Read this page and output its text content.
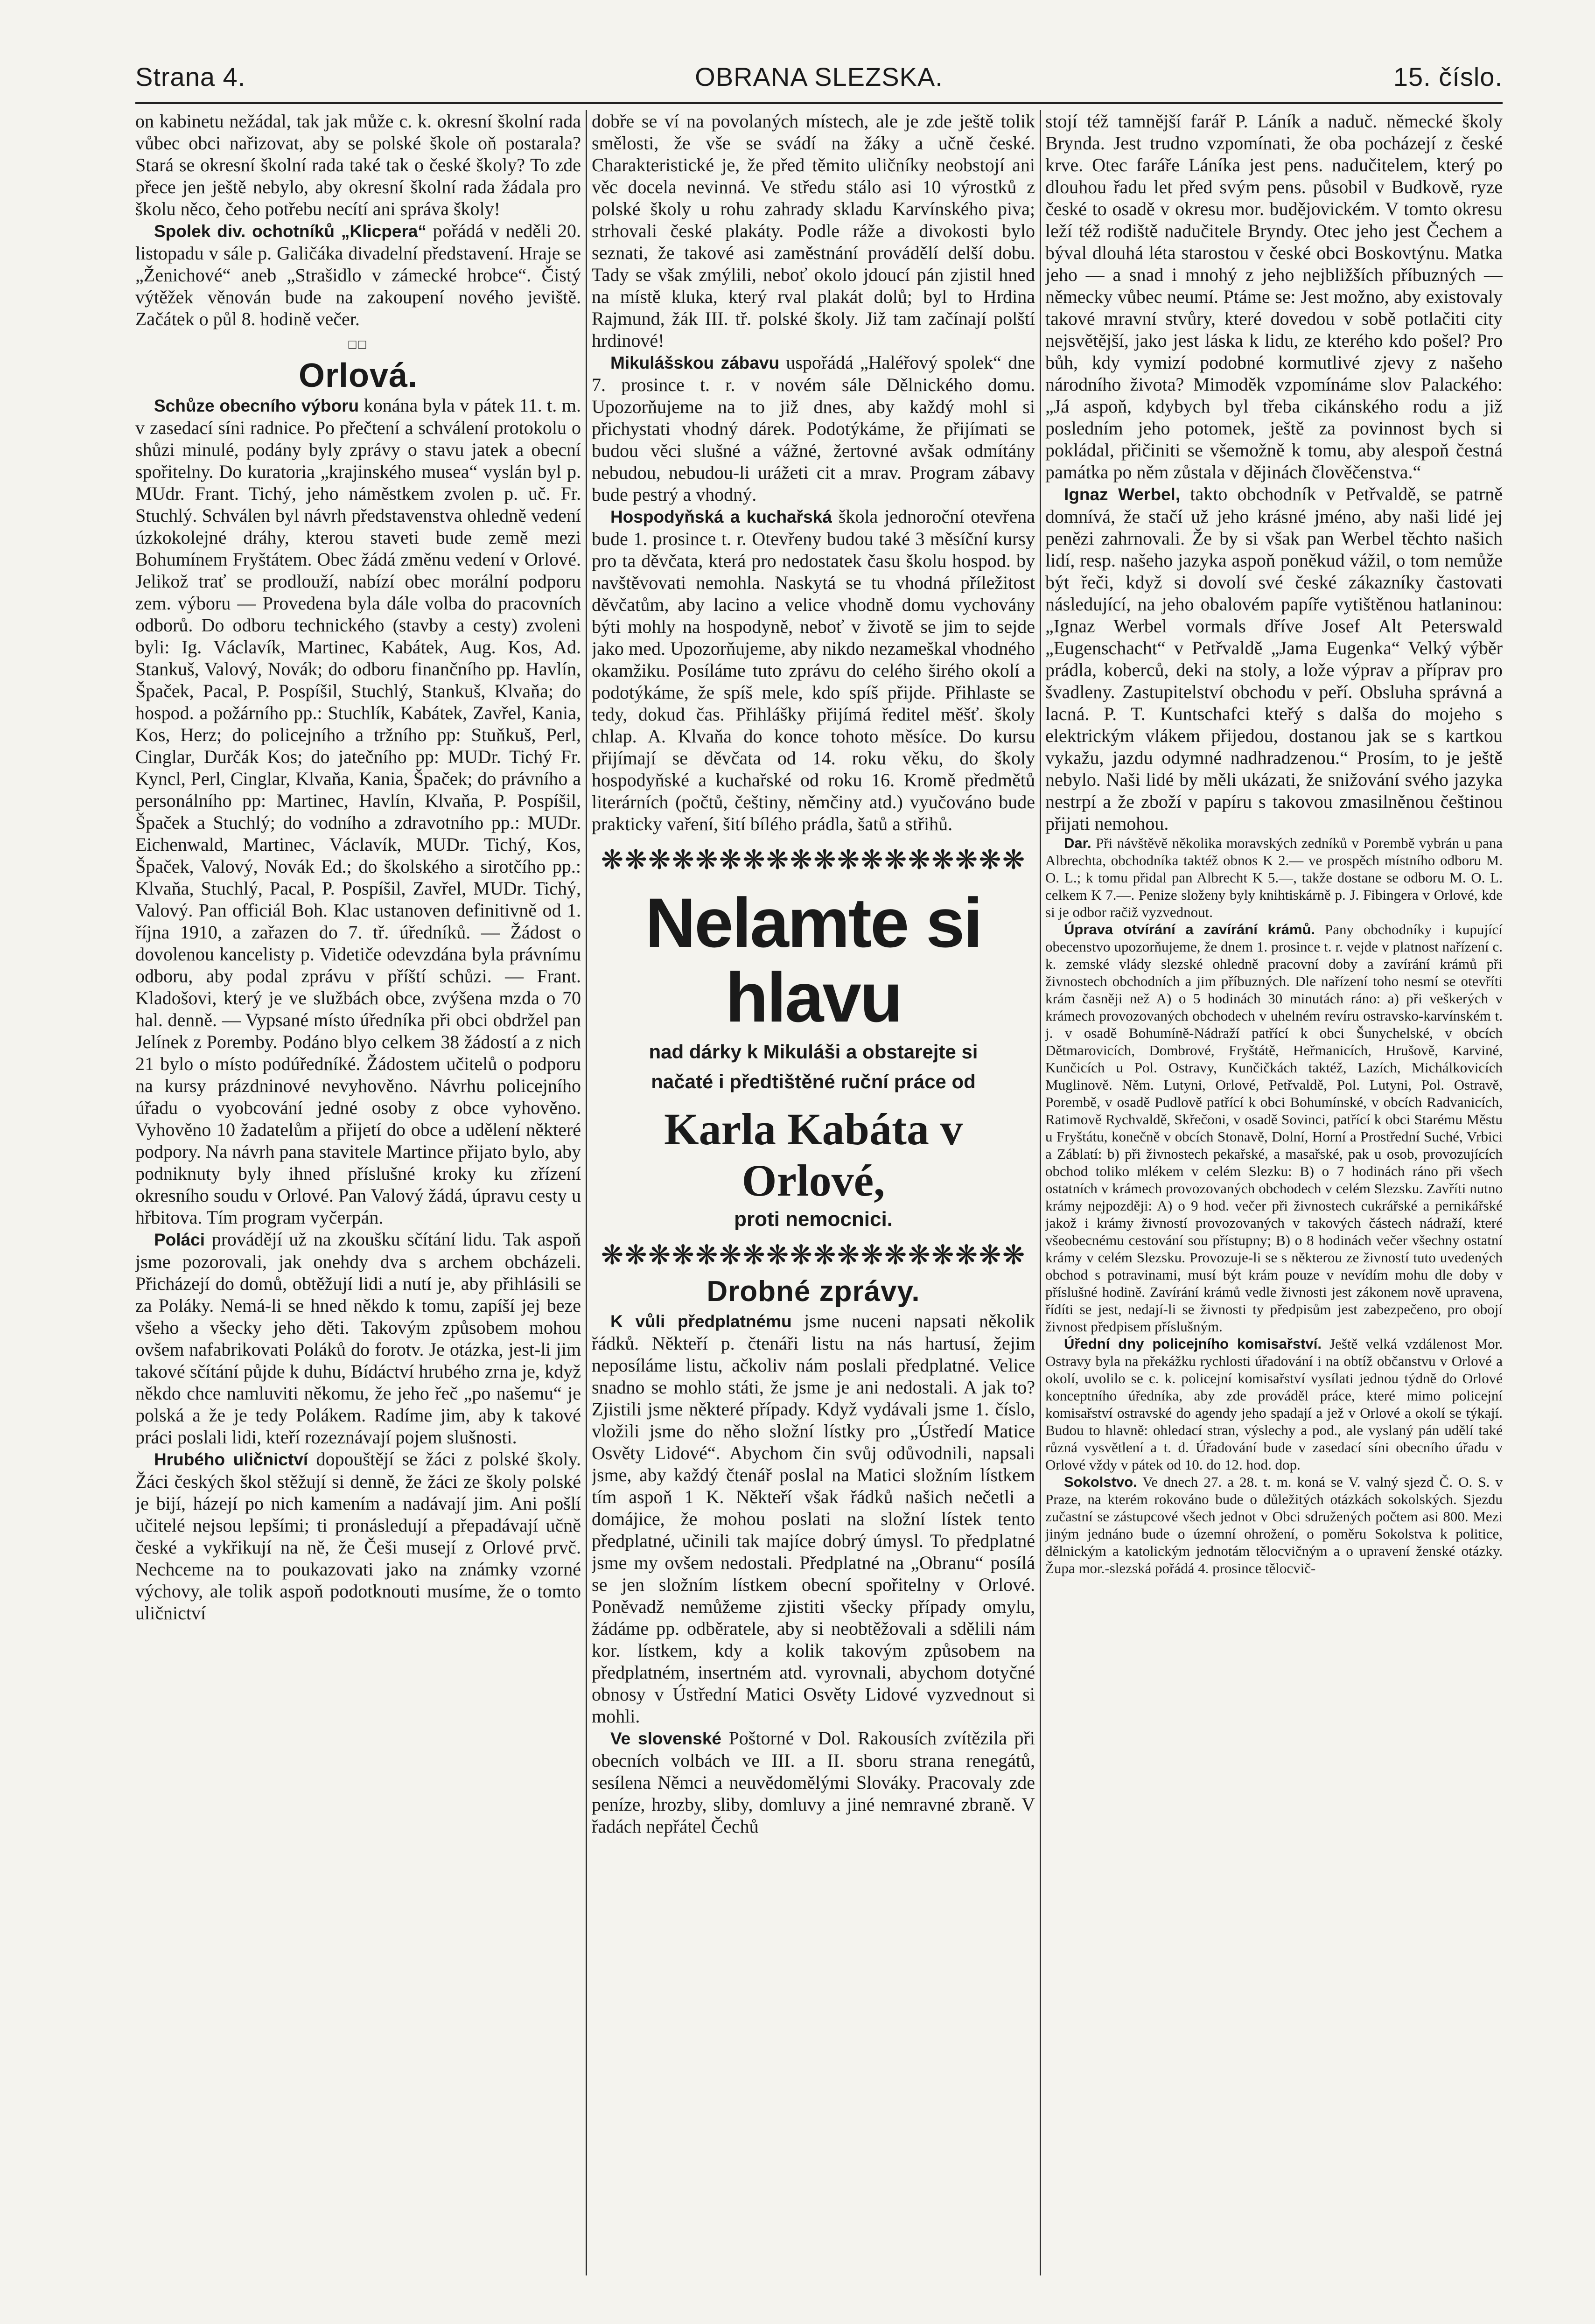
Strana 4.	OBRANA SLEZSKA.	15. číslo.

on kabinetu nežádal, tak jak může c. k. okresní školní rada vůbec obci nařizovat, aby se polské škole oň postarala? Stará se okresní školní rada také tak o české školy? To zde přece jen ještě nebylo, aby okresní školní rada žádala pro školu něco, čeho potřebu necítí ani správa školy!

Spolek div. ochotníků „Klicpera“ pořádá v neděli 20. listopadu v sále p. Galičáka divadelní představení. Hraje se „Ženichové“ aneb „Strašidlo v zámecké hrobce“. Čistý výtěžek věnován bude na zakoupení nového jeviště. Začátek o půl 8. hodině večer.

□□
Orlová.

Schůze obecního výboru konána byla v pátek 11. t. m. v zasedací síni radnice. Po přečtení a schválení protokolu o shůzi minulé, podány byly zprávy o stavu jatek a obecní spořitelny. Do kuratoria „krajinského musea“ vyslán byl p. MUdr. Frant. Tichý, jeho náměstkem zvolen p. uč. Fr. Stuchlý. Schválen byl návrh představenstva ohledně vedení úzkokolejné dráhy, kterou staveti bude země mezi Bohumínem Fryštátem. Obec žádá změnu vedení v Orlové. Jelikož trať se prodlouží, nabízí obec morální podporu zem. výboru — Provedena byla dále volba do pracovních odborů. Do odboru technického (stavby a cesty) zvoleni byli: Ig. Václavík, Martinec, Kabátek, Aug. Kos, Ad. Stankuš, Valový, Novák; do odboru finančního pp. Havlín, Špaček, Pacal, P. Pospíšil, Stuchlý, Stankuš, Klvaňa; do hospod. a požárního pp.: Stuchlík, Kabátek, Zavřel, Kania, Kos, Herz; do policejního a tržního pp: Stuňkuš, Perl, Cinglar, Durčák Kos; do jatečního pp: MUDr. Tichý Fr. Kyncl, Perl, Cinglar, Klvaňa, Kania, Špaček; do právního a personálního pp: Martinec, Havlín, Klvaňa, P. Pospíšil, Špaček a Stuchlý; do vodního a zdravotního pp.: MUDr. Eichenwald, Martinec, Václavík, MUDr. Tichý, Kos, Špaček, Valový, Novák Ed.; do školského a sirotčího pp.: Klvaňa, Stuchlý, Pacal, P. Pospíšil, Zavřel, MUDr. Tichý, Valový. Pan officiál Boh. Klac ustanoven definitivně od 1. října 1910, a zařazen do 7. tř. úředníků. — Žádost o dovolenou kancelisty p. Videtiče odevzdána byla právnímu odboru, aby podal zprávu v příští schůzi. — Frant. Kladošovi, který je ve službách obce, zvýšena mzda o 70 hal. denně. — Vypsané místo úředníka při obci obdržel pan Jelínek z Poremby. Podáno blyo celkem 38 žádostí a z nich 21 bylo o místo podúředníké. Žádostem učitelů o podporu na kursy prázdninové nevyhověno. Návrhu policejního úřadu o vyobcování jedné osoby z obce vyhověno. Vyhověno 10 žadatelům a přijetí do obce a udělení některé podpory. Na návrh pana stavitele Martince přijato bylo, aby podniknuty byly ihned příslušné kroky ku zřízení okresního soudu v Orlové. Pan Valový žádá, úpravu cesty u hřbitova. Tím program vyčerpán.

Poláci provádějí už na zkoušku sčítání lidu. Tak aspoň jsme pozorovali, jak onehdy dva s archem obcházeli. Přicházejí do domů, obtěžují lidi a nutí je, aby přihlásili se za Poláky. Nemá-li se hned někdo k tomu, zapíší jej beze všeho a všecky jeho děti. Takovým způsobem mohou ovšem nafabrikovati Poláků do forotv. Je otázka, jest-li jim takové sčítání půjde k duhu, Bídáctví hrubého zrna je, když někdo chce namluviti někomu, že jeho řeč „po našemu“ je polská a že je tedy Polákem. Radíme jim, aby k takové práci poslali lidi, kteří rozeznávají pojem slušnosti.

Hrubého uličnictví dopouštějí se žáci z polské školy. Žáci českých škol stěžují si denně, že žáci ze školy polské je bijí, házejí po nich kamením a nadávají jim. Ani pošlí učitelé nejsou lepšími; ti pronásledují a přepadávají učně české a vykřikují na ně, že Češi musejí z Orlové prvč. Nechceme na to poukazovati jako na známky vzorné výchovy, ale tolik aspoň podotknouti musíme, že o tomto uličnictví

dobře se ví na povolaných místech, ale je zde ještě tolik smělosti, že vše se svádí na žáky a učně české. Charakteristické je, že před těmito uličníky neobstojí ani věc docela nevinná. Ve středu stálo asi 10 výrostků z polské školy u rohu zahrady skladu Karvínského piva; strhovali české plakáty. Podle ráže a divokosti bylo seznati, že takové asi zaměstnání provádělí delší dobu. Tady se však zmýlili, neboť okolo jdoucí pán zjistil hned na místě kluka, který rval plakát dolů; byl to Hrdina Rajmund, žák III. tř. polské školy. Již tam začínají polští hrdinové!

Mikulášskou zábavu uspořádá „Haléřový spolek“ dne 7. prosince t. r. v novém sále Dělnického domu. Upozorňujeme na to již dnes, aby každý mohl si přichystati vhodný dárek. Podotýkáme, že přijímati se budou věci slušné a vážné, žertovné avšak odmítány nebudou, nebudou-li urážeti cit a mrav. Program zábavy bude pestrý a vhodný.

Hospodyňská a kuchařská škola jednoroční otevřena bude 1. prosince t. r. Otevřeny budou také 3 měsíční kursy pro ta děvčata, která pro nedostatek času školu hospod. by navštěvovati nemohla. Naskytá se tu vhodná příležitost děvčatům, aby lacino a velice vhodně domu vychovány býti mohly na hospodyně, neboť v životě se jim to sejde jako med. Upozorňujeme, aby nikdo nezameškal vhodného okamžiku. Posíláme tuto zprávu do celého širého okolí a podotýkáme, že spíš mele, kdo spíš přijde. Přihlaste se tedy, dokud čas. Přihlášky přijímá ředitel měšť. školy chlap. A. Klvaňa do konce tohoto měsíce. Do kursu přijímají se děvčata od 14. roku věku, do školy hospodyňské a kuchařské od roku 16. Kromě předmětů literárních (počtů, češtiny, němčiny atd.) vyučováno bude prakticky vaření, šití bílého prádla, šatů a střihů.

❋❋❋❋❋❋❋❋❋❋❋❋❋❋❋❋❋❋
Nelamte si hlavu
nad dárky k Mikuláši a obstarejte si
načaté i předtištěné ruční práce od
Karla Kabáta v Orlové,
proti nemocnici.
❋❋❋❋❋❋❋❋❋❋❋❋❋❋❋❋❋❋
Drobné zprávy.

K vůli předplatnému jsme nuceni napsati několik řádků. Někteří p. čtenáři listu na nás hartusí, žejim neposíláme listu, ačkoliv nám poslali předplatné. Velice snadno se mohlo státi, že jsme je ani nedostali. A jak to? Zjistili jsme některé případy. Když vydávali jsme 1. číslo, vložili jsme do něho složní lístky pro „Ústředí Matice Osvěty Lidové“. Abychom čin svůj odůvodnili, napsali jsme, aby každý čtenář poslal na Matici složním lístkem tím aspoň 1 K. Někteří však řádků našich nečetli a domájice, že mohou poslati na složní lístek tento předplatné, učinili tak majíce dobrý úmysl. To předplatné jsme my ovšem nedostali. Předplatné na „Obranu“ posílá se jen složním lístkem obecní spořitelny v Orlové. Poněvadž nemůžeme zjistiti všecky případy omylu, žádáme pp. odběratele, aby si neobtěžovali a sdělili nám kor. lístkem, kdy a kolik takovým způsobem na předplatném, insertném atd. vyrovnali, abychom dotyčné obnosy v Ústřední Matici Osvěty Lidové vyzvednout si mohli.

Ve slovenské Poštorné v Dol. Rakousích zvítězila při obecních volbách ve III. a II. sboru strana renegátů, sesílena Němci a neuvědomělými Slováky. Pracovaly zde peníze, hrozby, sliby, domluvy a jiné nemravné zbraně. V řadách nepřátel Čechů

stojí též tamnější farář P. Láník a naduč. německé školy Brynda. Jest trudno vzpomínati, že oba pocházejí z české krve. Otec faráře Láníka jest pens. nadučitelem, který po dlouhou řadu let před svým pens. působil v Budkově, ryze české to osadě v okresu mor. budějovickém. V tomto okresu leží též rodiště nadučitele Bryndy. Otec jeho jest Čechem a býval dlouhá léta starostou v české obci Boskovtýnu. Matka jeho — a snad i mnohý z jeho nejbližších příbuzných — německy vůbec neumí. Ptáme se: Jest možno, aby existovaly takové mravní stvůry, které dovedou v sobě potlačiti city nejsvětější, jako jest láska k lidu, ze kterého kdo pošel? Pro bůh, kdy vymizí podobné kormutlivé zjevy z našeho národního života? Mimoděk vzpomínáme slov Palackého: „Já aspoň, kdybych byl třeba cikánského rodu a již posledním jeho potomek, ještě za povinnost bych si pokládal, přičiniti se všemožně k tomu, aby alespoň čestná památka po něm zůstala v dějinách člověčenstva.“

Ignaz Werbel, takto obchodník v Petřvaldě, se patrně domnívá, že stačí už jeho krásné jméno, aby naši lidé jej penězi zahrnovali. Že by si však pan Werbel těchto našich lidí, resp. našeho jazyka aspoň poněkud vážil, o tom nemůže být řeči, když si dovolí své české zákazníky častovati následující, na jeho obalovém papíře vytištěnou hatlaninou: „Ignaz Werbel vormals dříve Josef Alt Peterswald „Eugenschacht“ v Petřvaldě „Jama Eugenka“ Velký výběr prádla, koberců, deki na stoly, a lože výprav a příprav pro švadleny. Zastupitelství obchodu v peří. Obsluha správná a lacná. P. T. Kuntschafci kteřý s dalša do mojeho s elektrickým vlákem přijedou, dostanou jak se s kartkou vykažu, jazdu odymné nadhradzenou.“ Prosím, to je ještě nebylo. Naši lidé by měli ukázati, že snižování svého jazyka nestrpí a že zboží v papíru s takovou zmasilněnou češtinou přijati nemohou.

Dar. Při návštěvě několika moravských zedníků v Porembě vybrán u pana Albrechta, obchodníka taktéž obnos K 2.— ve prospěch místního odboru M. O. L.; k tomu přidal pan Albrecht K 5.—, takže dostane se odboru M. O. L. celkem K 7.—. Penize složeny byly knihtiskárně p. J. Fibingera v Orlové, kde si je odbor račiž vyzvednout.

Úprava otvírání a zavírání krámů. Pany obchodníky i kupující obecenstvo upozorňujeme, že dnem 1. prosince t. r. vejde v platnost nařízení c. k. zemské vlády slezské ohledně pracovní doby a zavírání krámů při živnostech obchodních a jim příbuzných. Dle nařízení toho nesmí se otevříti krám časněji než A) o 5 hodinách 30 minutách ráno: a) při veškerých v krámech provozovaných obchodech v uhelném revíru ostravsko-karvínském t. j. v osadě Bohumíně-Nádraží patřící k obci Šunychelské, v obcích Dětmarovicích, Dombrové, Fryštátě, Heřmanicích, Hrušově, Karviné, Kunčicích u Pol. Ostravy, Kunčičkách taktéž, Lazích, Michálkovicích Muglinově. Něm. Lutyni, Orlové, Petřvaldě, Pol. Lutyni, Pol. Ostravě, Porembě, v osadě Pudlově patřící k obci Bohumínské, v obcích Radvanicích, Ratimově Rychvaldě, Skřečoni, v osadě Sovinci, patřící k obci Starému Městu u Fryštátu, konečně v obcích Stonavě, Dolní, Horní a Prostřední Suché, Vrbici a Záblatí: b) při živnostech pekařské, a masařské, pak u osob, provozujících obchod toliko mlékem v celém Slezku: B) o 7 hodinách ráno při všech ostatních v krámech provozovaných obchodech v celém Slezsku. Zavříti nutno krámy nejpozději: A) o 9 hod. večer při živnostech cukrářské a pernikářské jakož i krámy živností provozovaných v takových částech nádraží, které všeobecnému cestování sou přístupny; B) o 8 hodinách večer všechny ostatní krámy v celém Slezsku. Provozuje-li se s některou ze živností tuto uvedených obchod s potravinami, musí být krám pouze v nevídím mohu dle doby v příslušné hodině. Zavírání krámů vedle živnosti jest zákonem nově upravena, řídíti se jest, nedají-li se živnosti ty předpisům jest zabezpečeno, pro obojí živnost předpisem příslušným.

Úřední dny policejního komisařství. Ještě velká vzdálenost Mor. Ostravy byla na překážku rychlosti úřadování i na obtíž občanstvu v Orlové a okolí, uvolilo se c. k. policejní komisařství vysílati jednou týdně do Orlové konceptního úředníka, aby zde prováděl práce, které mimo policejní komisařství ostravské do agendy jeho spadají a jež v Orlové a okolí se týkají. Budou to hlavně: ohledací stran, výslechy a pod., ale vyslaný pán udělí také různá vysvětlení a t. d. Úřadování bude v zasedací síni obecního úřadu v Orlové vždy v pátek od 10. do 12. hod. dop.

Sokolstvo. Ve dnech 27. a 28. t. m. koná se V. valný sjezd Č. O. S. v Praze, na kterém rokováno bude o důležitých otázkách sokolských. Sjezdu zučastní se zástupcové všech jednot v Obci sdružených počtem asi 800. Mezi jiným jednáno bude o územní ohrožení, o poměru Sokolstva k politice, dělnickým a katolickým jednotám tělocvičným a o upravení ženské otázky. Župa mor.-slezská pořádá 4. prosince tělocvič-
